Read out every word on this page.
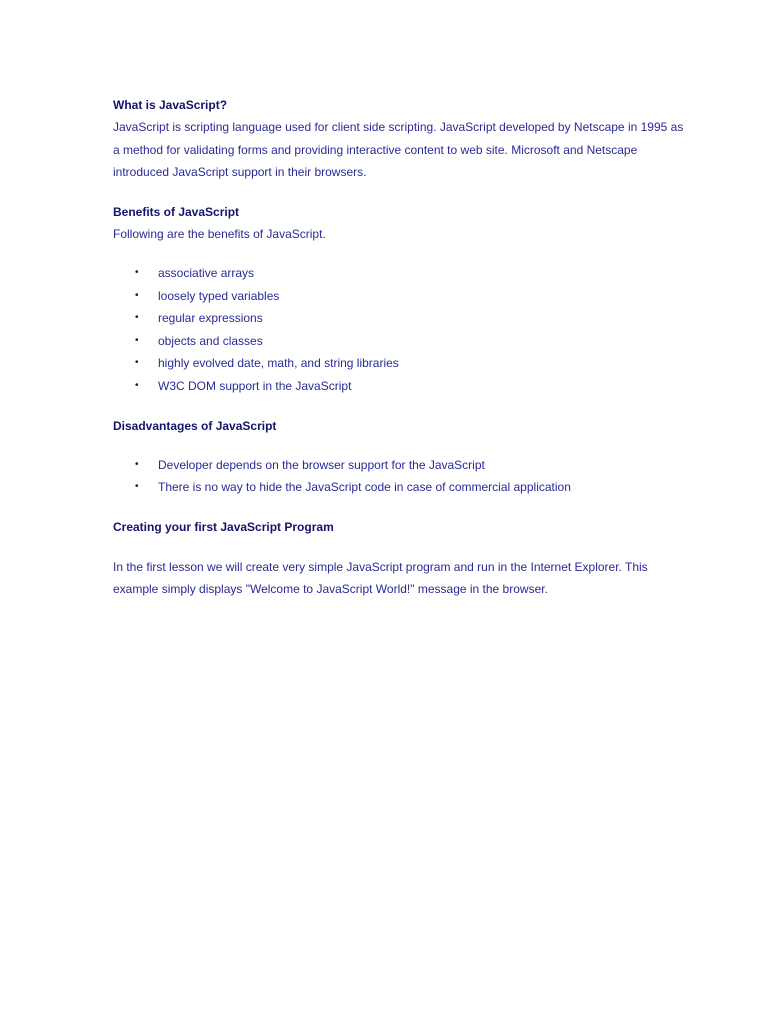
What is JavaScript?

JavaScript is scripting language used for client side scripting. JavaScript developed by Netscape in 1995 as a method for validating forms and providing interactive content to web site. Microsoft and Netscape introduced JavaScript support in their browsers.

Benefits of JavaScript

Following are the benefits of JavaScript.

• associative arrays
• loosely typed variables
• regular expressions
• objects and classes
• highly evolved date, math, and string libraries
• W3C DOM support in the JavaScript
Disadvantages of JavaScript
• Developer depends on the browser support for the JavaScript
• There is no way to hide the JavaScript code in case of commercial application
Creating your first JavaScript Program

In the first lesson we will create very simple JavaScript program and run in the Internet Explorer. This example simply displays "Welcome to JavaScript World!" message in the browser.
